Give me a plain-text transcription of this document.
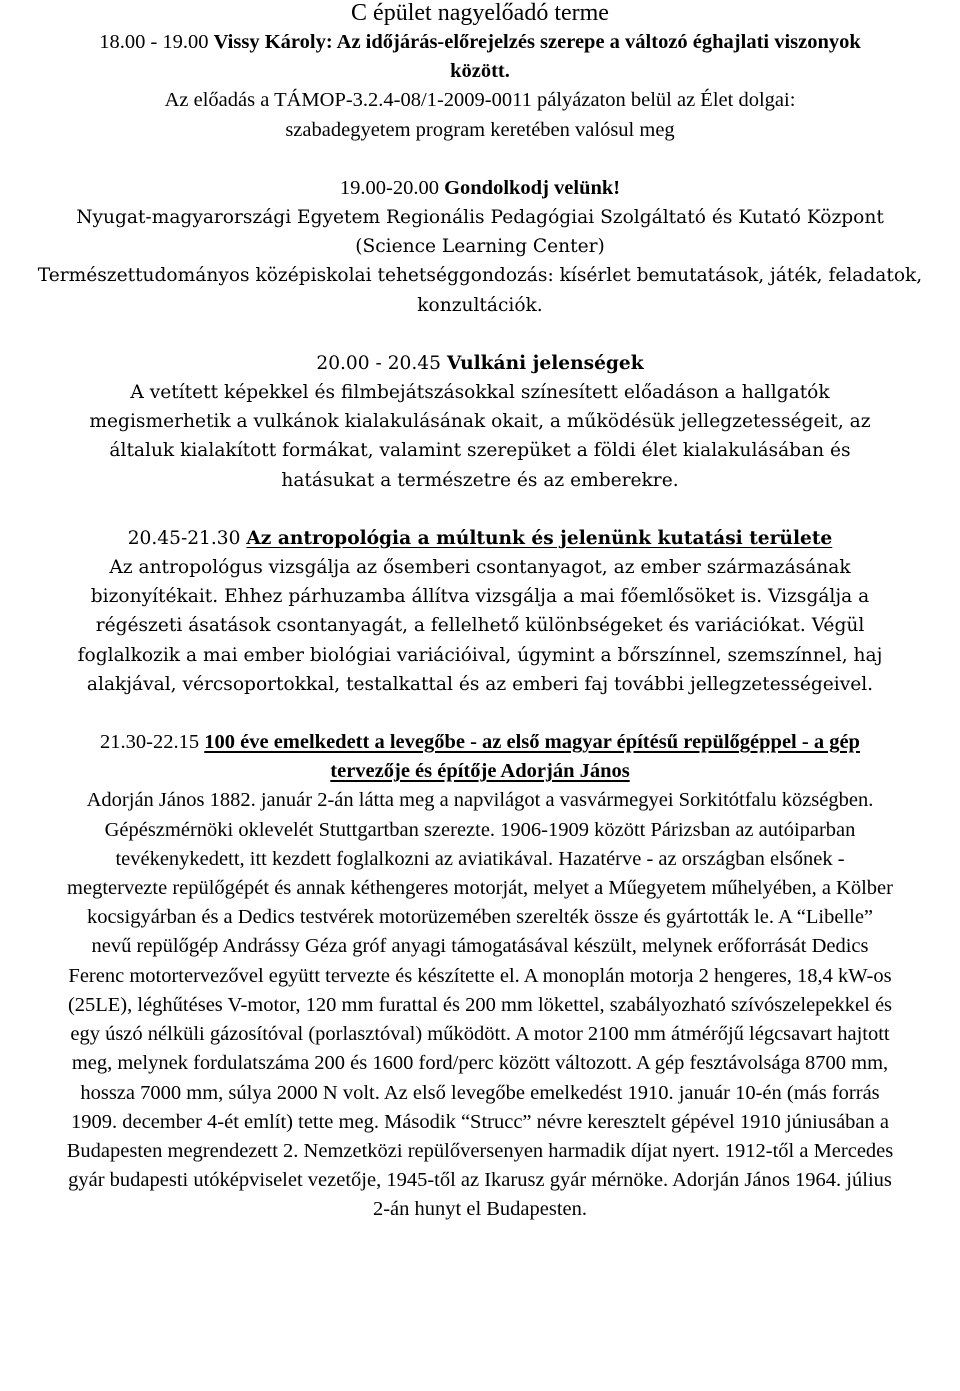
C épület nagyelőadó terme

18.00 - 19.00 Vissy Károly: Az időjárás-előrejelzés szerepe a változó éghajlati viszonyok között.

Az előadás a TÁMOP-3.2.4-08/1-2009-0011 pályázaton belül az Élet dolgai:

szabadegyetem program keretében valósul meg

19.00-20.00 Gondolkodj velünk!

Nyugat-magyarországi Egyetem Regionális Pedagógiai Szolgáltató és Kutató Központ

(Science Learning Center)

Természettudományos középiskolai tehetséggondozás: kísérlet bemutatások, játék, feladatok,

konzultációk.

20.00 - 20.45 Vulkáni jelenségek

A vetített képekkel és filmbejátszásokkal színesített előadáson a hallgatók megismerhetik a vulkánok kialakulásának okait, a működésük jellegzetességeit, az általuk kialakított formákat, valamint szerepüket a földi élet kialakulásában és hatásukat a természetre és az emberekre.

20.45-21.30 Az antropológia a múltunk és jelenünk kutatási területe

Az antropológus vizsgálja az ősemberi csontanyagot, az ember származásának bizonyítékait. Ehhez párhuzamba állítva vizsgálja a mai főemlősöket is. Vizsgálja a régészeti ásatások csontanyagát, a fellelhető különbségeket és variációkat. Végül foglalkozik a mai ember biológiai variációival, úgymint a bőrszínnel, szemszínnel, haj alakjával, vércsoportokkal, testalkattal és az emberi faj további jellegzetességeivel.

21.30-22.15 100 éve emelkedett a levegőbe - az első magyar építésű repülőgéppel - a gép tervezője és építője Adorján János

Adorján János 1882. január 2-án látta meg a napvilágot a vasvármegyei Sorkitótfalu községben. Gépészmérnöki oklevelét Stuttgartban szerezte. 1906-1909 között Párizsban az autóiparban tevékenykedett, itt kezdett foglalkozni az aviatikával. Hazatérve - az országban elsőnek - megtervezte repülőgépét és annak kéthengeres motorját, melyet a Műegyetem műhelyében, a Kölber kocsigyárban és a Dedics testvérek motorüzemében szerelték össze és gyártották le. A “Libelle” nevű repülőgép Andrássy Géza gróf anyagi támogatásával készült, melynek erőforrását Dedics Ferenc motortervezővel együtt tervezte és készítette el. A monoplán motorja 2 hengeres, 18,4 kW-os (25LE), léghűtéses V-motor, 120 mm furattal és 200 mm lökettel, szabályozható szívószelepekkel és egy úszó nélküli gázosítóval (porlasztóval) működött. A motor 2100 mm átmérőjű légcsavart hajtott meg, melynek fordulatszáma 200 és 1600 ford/perc között változott. A gép fesztávolsága 8700 mm, hossza 7000 mm, súlya 2000 N volt. Az első levegőbe emelkedést 1910. január 10-én (más forrás 1909. december 4-ét említ) tette meg. Második “Strucc” névre keresztelt gépével 1910 júniusában a Budapesten megrendezett 2. Nemzetközi repülőversenyen harmadik díjat nyert. 1912-től a Mercedes gyár budapesti utóképviselet vezetője, 1945-től az Ikarusz gyár mérnöke. Adorján János 1964. július 2-án hunyt el Budapesten.
